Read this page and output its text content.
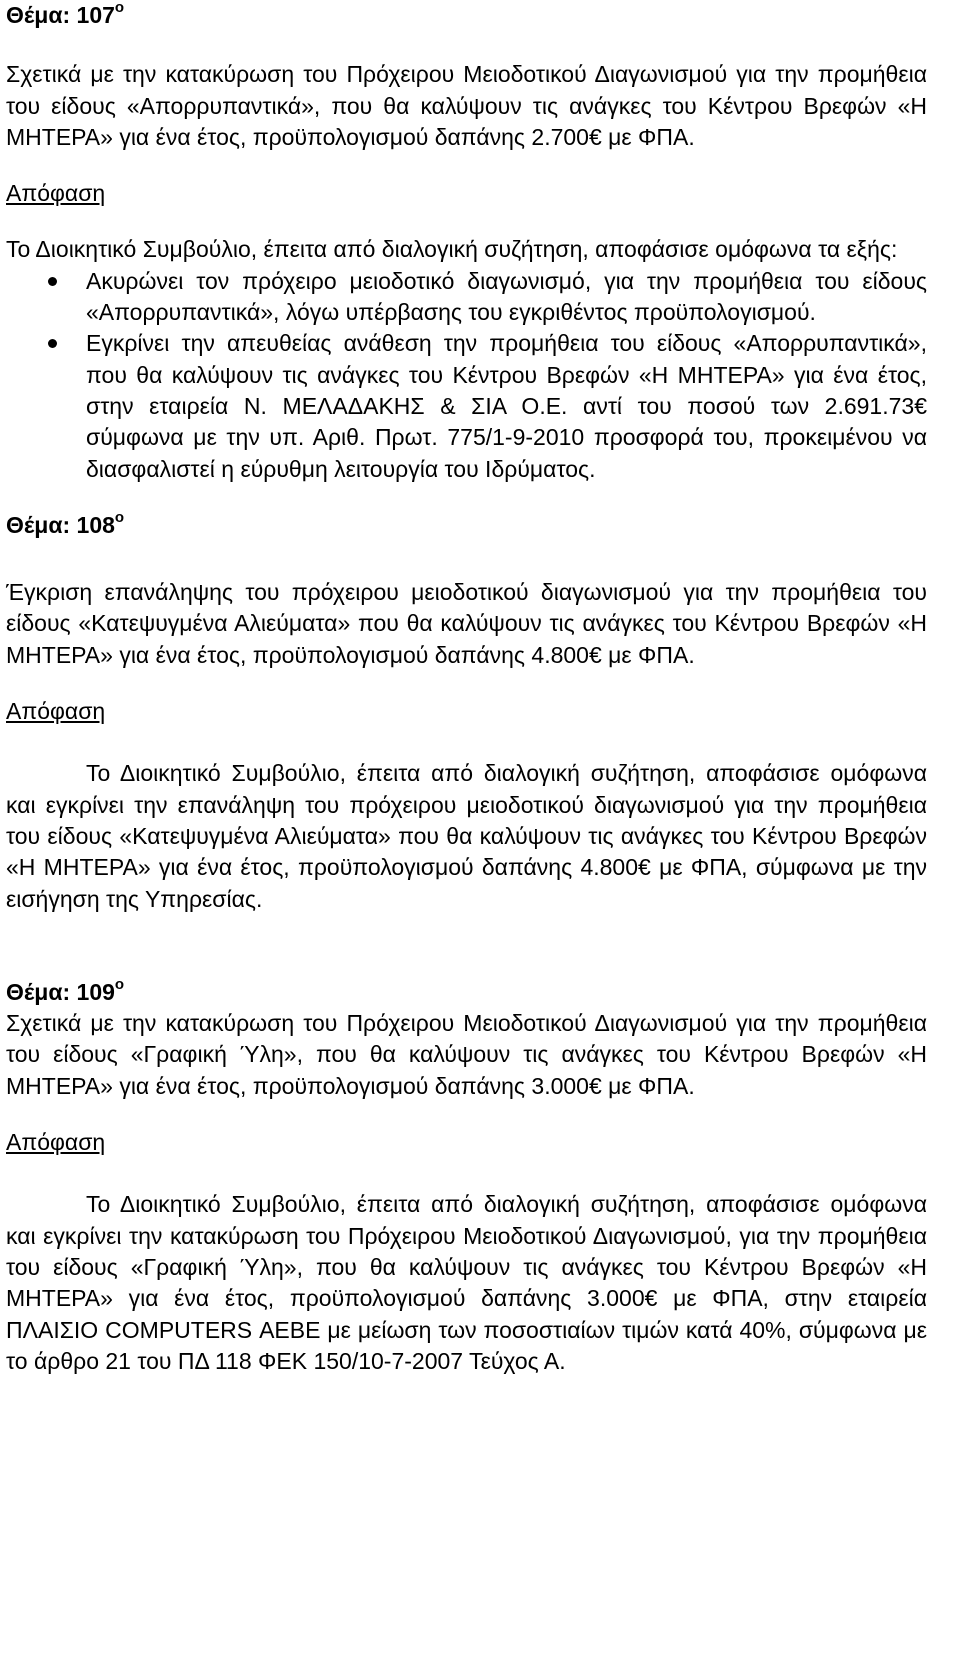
Θέμα: $107^o$

Σχετικά με την κατακύρωση του Πρόχειρου Μειοδοτικού Διαγωνισμού για την προμήθεια του είδους «Απορρυπαντικά», που θα καλύψουν τις ανάγκες του Κέντρου Βρεφών «Η ΜΗΤΕΡΑ» για ένα έτος, προϋπολογισμού δαπάνης 2.700€ με ΦΠΑ.

Απόφαση

Το Διοικητικό Συμβούλιο, έπειτα από διαλογική συζήτηση, αποφάσισε ομόφωνα τα εξής:

Ακυρώνει τον πρόχειρο μειοδοτικό διαγωνισμό, για την προμήθεια του είδους «Απορρυπαντικά», λόγω υπέρβασης του εγκριθέντος προϋπολογισμού.
Εγκρίνει την απευθείας ανάθεση την προμήθεια του είδους «Απορρυπαντικά», που θα καλύψουν τις ανάγκες του Κέντρου Βρεφών «Η ΜΗΤΕΡΑ» για ένα έτος, στην εταιρεία Ν. ΜΕΛΑΔΑΚΗΣ & ΣΙΑ Ο.Ε. αντί του ποσού των 2.691.73€ σύμφωνα με την υπ. Αριθ. Πρωτ. 775/1-9-2010 προσφορά του, προκειμένου να διασφαλιστεί η εύρυθμη λειτουργία του Ιδρύματος.

Θέμα: $108^o$

Έγκριση επανάληψης του πρόχειρου μειοδοτικού διαγωνισμού για την προμήθεια του είδους «Κατεψυγμένα Αλιεύματα» που θα καλύψουν τις ανάγκες του Κέντρου Βρεφών «Η ΜΗΤΕΡΑ» για ένα έτος, προϋπολογισμού δαπάνης 4.800€ με ΦΠΑ.

Απόφαση

Το Διοικητικό Συμβούλιο, έπειτα από διαλογική συζήτηση, αποφάσισε ομόφωνα και εγκρίνει την επανάληψη του πρόχειρου μειοδοτικού διαγωνισμού για την προμήθεια του είδους «Κατεψυγμένα Αλιεύματα» που θα καλύψουν τις ανάγκες του Κέντρου Βρεφών «Η ΜΗΤΕΡΑ» για ένα έτος, προϋπολογισμού δαπάνης 4.800€ με ΦΠΑ, σύμφωνα με την εισήγηση της Υπηρεσίας.

Θέμα: $109^o$

Σχετικά με την κατακύρωση του Πρόχειρου Μειοδοτικού Διαγωνισμού για την προμήθεια του είδους «Γραφική Ύλη», που θα καλύψουν τις ανάγκες του Κέντρου Βρεφών «Η ΜΗΤΕΡΑ» για ένα έτος, προϋπολογισμού δαπάνης 3.000€ με ΦΠΑ.

Απόφαση

Το Διοικητικό Συμβούλιο, έπειτα από διαλογική συζήτηση, αποφάσισε ομόφωνα και εγκρίνει την κατακύρωση του Πρόχειρου Μειοδοτικού Διαγωνισμού, για την προμήθεια του είδους «Γραφική Ύλη», που θα καλύψουν τις ανάγκες του Κέντρου Βρεφών «Η ΜΗΤΕΡΑ» για ένα έτος, προϋπολογισμού δαπάνης 3.000€ με ΦΠΑ, στην εταιρεία ΠΛΑΙΣΙΟ COMPUTERS ΑΕΒΕ με μείωση των ποσοστιαίων τιμών κατά 40%, σύμφωνα με το άρθρο 21 του ΠΔ 118 ΦΕΚ 150/10-7-2007 Τεύχος Α.
